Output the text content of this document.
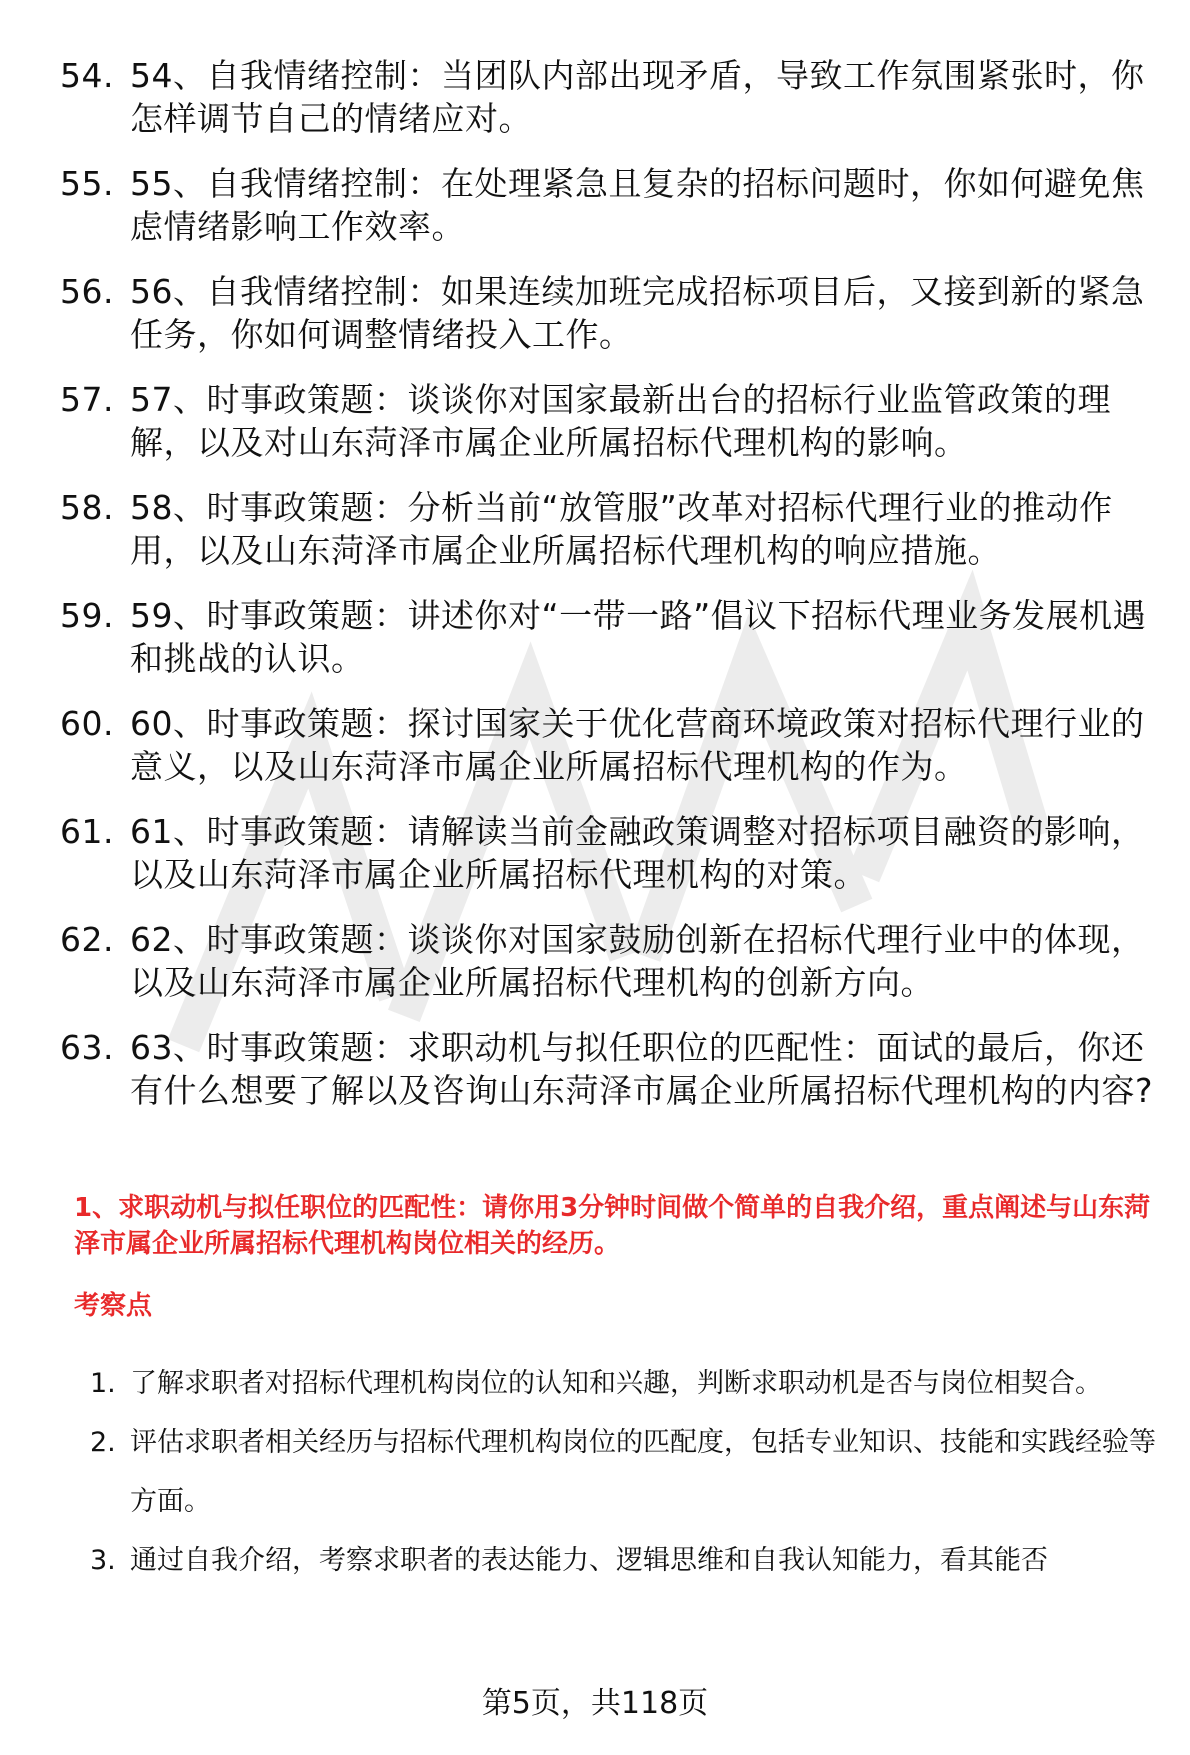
54. 54、自我情绪控制：当团队内部出现矛盾，导致工作氛围紧张时，你怎样调节自己的情绪应对。
55. 55、自我情绪控制：在处理紧急且复杂的招标问题时，你如何避免焦虑情绪影响工作效率。
56. 56、自我情绪控制：如果连续加班完成招标项目后，又接到新的紧急任务，你如何调整情绪投入工作。
57. 57、时事政策题：谈谈你对国家最新出台的招标行业监管政策的理解，以及对山东菏泽市属企业所属招标代理机构的影响。
58. 58、时事政策题：分析当前“放管服”改革对招标代理行业的推动作用，以及山东菏泽市属企业所属招标代理机构的响应措施。
59. 59、时事政策题：讲述你对“一带一路”倡议下招标代理业务发展机遇和挑战的认识。
60. 60、时事政策题：探讨国家关于优化营商环境政策对招标代理行业的意义，以及山东菏泽市属企业所属招标代理机构的作为。
61. 61、时事政策题：请解读当前金融政策调整对招标项目融资的影响，以及山东菏泽市属企业所属招标代理机构的对策。
62. 62、时事政策题：谈谈你对国家鼓励创新在招标代理行业中的体现，以及山东菏泽市属企业所属招标代理机构的创新方向。
63. 63、时事政策题：求职动机与拟任职位的匹配性：面试的最后，你还有什么想要了解以及咨询山东菏泽市属企业所属招标代理机构的内容?

1、求职动机与拟任职位的匹配性：请你用3分钟时间做个简单的自我介绍，重点阐述与山东菏泽市属企业所属招标代理机构岗位相关的经历。

考察点
1. 了解求职者对招标代理机构岗位的认知和兴趣，判断求职动机是否与岗位相契合。
2. 评估求职者相关经历与招标代理机构岗位的匹配度，包括专业知识、技能和实践经验等方面。
3. 通过自我介绍，考察求职者的表达能力、逻辑思维和自我认知能力，看其能否
第5页，共118页
